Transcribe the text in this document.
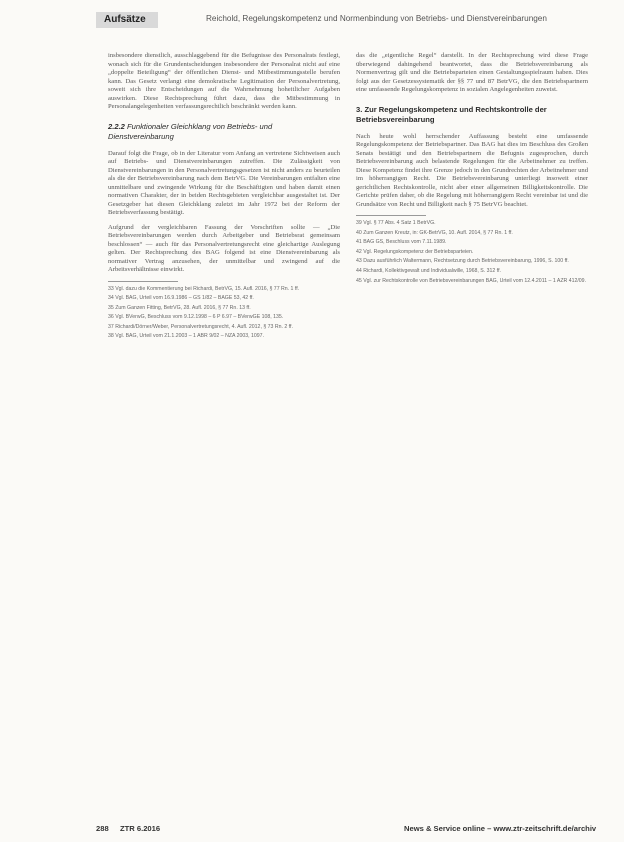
Aufsätze	Reichold, Regelungskompetenz und Normenbindung von Betriebs- und Dienstvereinbarungen

insbesondere dienstlich, ausschlaggebend für die Befugnisse des Personalrats festlegt, wonach sich für die Grundentscheidungen insbesondere der Personalrat nicht auf eine „doppelte Beteiligung“ der öffentlichen Dienst- und Mitbestimmungsstelle berufen kann. Das Gesetz verlangt eine demokratische Legitimation der Personalvertretung, soweit sich ihre Entscheidungen auf die Wahrnehmung hoheitlicher Aufgaben auswirken. Diese Rechtsprechung führt dazu, dass die Mitbestimmung in Personalangelegenheiten verfassungsrechtlich beschränkt werden kann.

2.2.2 Funktionaler Gleichklang von Betriebs- und Dienstvereinbarung

Darauf folgt die Frage, ob in der Literatur vom Anfang an vertretene Sichtweisen auch auf Betriebs- und Dienstvereinbarungen zutreffen. Die Zulässigkeit von Dienstvereinbarungen in den Personalvertretungsgesetzen ist nicht anders zu beurteilen als die der Betriebsvereinbarung nach dem BetrVG. Die Vereinbarungen entfalten eine unmittelbare und zwingende Wirkung für die Beschäftigten und haben damit einen normativen Charakter, der in beiden Rechtsgebieten vergleichbar ausgestaltet ist. Der Gesetzgeber hat diesen Gleichklang zuletzt im Jahr 1972 bei der Reform der Betriebsverfassung bestätigt.

Aufgrund der vergleichbaren Fassung der Vorschriften sollte — „Die Betriebsvereinbarungen werden durch Arbeitgeber und Betriebsrat gemeinsam beschlossen“ — auch für das Personalvertretungsrecht eine gleichartige Auslegung gelten. Der Rechtsprechung des BAG folgend ist eine Dienstvereinbarung als normativer Vertrag anzusehen, der unmittelbar und zwingend auf die Arbeitsverhältnisse einwirkt.

33 Vgl. dazu die Kommentierung bei Richardi, BetrVG, 15. Aufl. 2016, § 77 Rn. 1 ff.

34 Vgl. BAG, Urteil vom 16.9.1986 – GS 1/82 – BAGE 53, 42 ff.

35 Zum Ganzen Fitting, BetrVG, 28. Aufl. 2016, § 77 Rn. 13 ff.

36 Vgl. BVerwG, Beschluss vom 9.12.1998 – 6 P 6.97 – BVerwGE 108, 135.

37 Richardi/Dörner/Weber, Personalvertretungsrecht, 4. Aufl. 2012, § 73 Rn. 2 ff.

38 Vgl. BAG, Urteil vom 21.1.2003 – 1 ABR 9/02 – NZA 2003, 1097.

das die „eigentliche Regel“ darstellt. In der Rechtsprechung wird diese Frage überwiegend dahingehend beantwortet, dass die Betriebsvereinbarung als Normenvertrag gilt und die Betriebsparteien einen Gestaltungsspielraum haben. Dies folgt aus der Gesetzessystematik der §§ 77 und 87 BetrVG, die den Betriebspartnern eine umfassende Regelungskompetenz in sozialen Angelegenheiten zuweist.

3. Zur Regelungskompetenz und Rechtskontrolle der Betriebsvereinbarung

Nach heute wohl herrschender Auffassung besteht eine umfassende Regelungskompetenz der Betriebspartner. Das BAG hat dies im Beschluss des Großen Senats bestätigt und den Betriebspartnern die Befugnis zugesprochen, durch Betriebsvereinbarung auch belastende Regelungen für die Arbeitnehmer zu treffen. Diese Kompetenz findet ihre Grenze jedoch in den Grundrechten der Arbeitnehmer und im höherrangigen Recht. Die Betriebsvereinbarung unterliegt insoweit einer gerichtlichen Rechtskontrolle, nicht aber einer allgemeinen Billigkeitskontrolle. Die Gerichte prüfen daher, ob die Regelung mit höherrangigem Recht vereinbar ist und die Grundsätze von Recht und Billigkeit nach § 75 BetrVG beachtet.

39 Vgl. § 77 Abs. 4 Satz 1 BetrVG.

40 Zum Ganzen Kreutz, in: GK-BetrVG, 10. Aufl. 2014, § 77 Rn. 1 ff.

41 BAG GS, Beschluss vom 7.11.1989.

42 Vgl. Regelungskompetenz der Betriebsparteien.

43 Dazu ausführlich Waltermann, Rechtsetzung durch Betriebsvereinbarung, 1996, S. 100 ff.

44 Richardi, Kollektivgewalt und Individualwille, 1968, S. 312 ff.

45 Vgl. zur Rechtskontrolle von Betriebsvereinbarungen BAG, Urteil vom 12.4.2011 – 1 AZR 412/09.

288 ZTR 6.2016	News & Service online – www.ztr-zeitschrift.de/archiv
